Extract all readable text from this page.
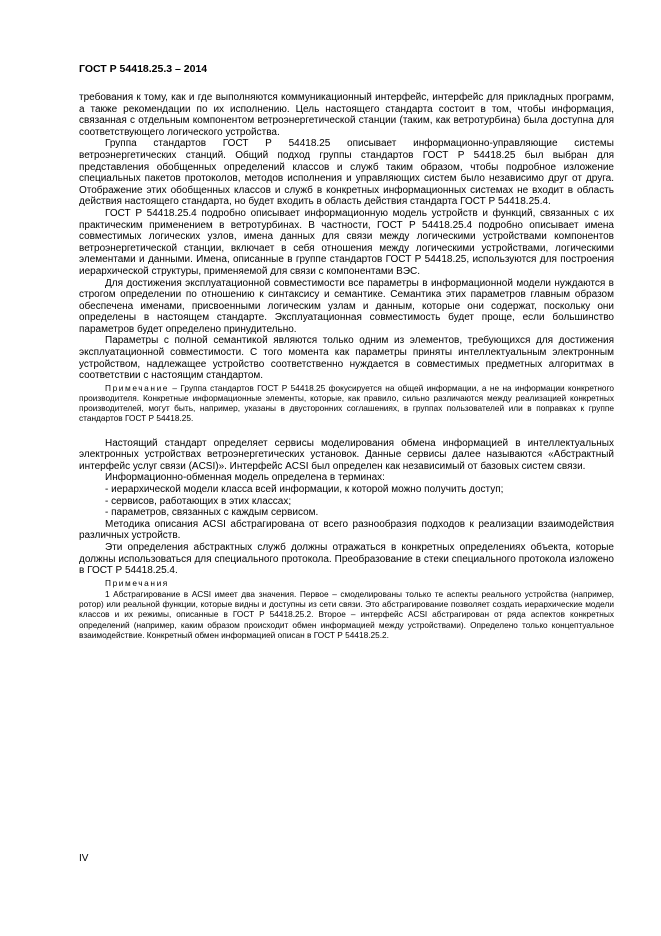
ГОСТ Р 54418.25.3 – 2014

требования к тому, как и где выполняются коммуникационный интерфейс, интерфейс для прикладных программ, а также рекомендации по их исполнению. Цель настоящего стандарта состоит в том, чтобы информация, связанная с отдельным компонентом ветроэнергетической станции (таким, как ветротурбина) была доступна для соответствующего логического устройства.

Группа стандартов ГОСТ Р 54418.25 описывает информационно-управляющие системы ветроэнергетических станций. Общий подход группы стандартов ГОСТ Р 54418.25 был выбран для представления обобщенных определений классов и служб таким образом, чтобы подробное изложение специальных пакетов протоколов, методов исполнения и управляющих систем было независимо друг от друга. Отображение этих обобщенных классов и служб в конкретных информационных системах не входит в область действия настоящего стандарта, но будет входить в область действия стандарта ГОСТ Р 54418.25.4.

ГОСТ Р 54418.25.4 подробно описывает информационную модель устройств и функций, связанных с их практическим применением в ветротурбинах. В частности, ГОСТ Р 54418.25.4 подробно описывает имена совместимых логических узлов, имена данных для связи между логическими устройствами компонентов ветроэнергетической станции, включает в себя отношения между логическими устройствами, логическими элементами и данными. Имена, описанные в группе стандартов ГОСТ Р 54418.25, используются для построения иерархической структуры, применяемой для связи с компонентами ВЭС.

Для достижения эксплуатационной совместимости все параметры в информационной модели нуждаются в строгом определении по отношению к синтаксису и семантике. Семантика этих параметров главным образом обеспечена именами, присвоенными логическим узлам и данным, которые они содержат, поскольку они определены в настоящем стандарте. Эксплуатационная совместимость будет проще, если большинство параметров будет определено принудительно.

Параметры с полной семантикой являются только одним из элементов, требующихся для достижения эксплуатационной совместимости. С того момента как параметры приняты интеллектуальным электронным устройством, надлежащее устройство соответственно нуждается в совместимых предметных алгоритмах в соответствии с настоящим стандартом.

Примечание – Группа стандартов ГОСТ Р 54418.25 фокусируется на общей информации, а не на информации конкретного производителя. Конкретные информационные элементы, которые, как правило, сильно различаются между реализацией конкретных производителей, могут быть, например, указаны в двусторонних соглашениях, в группах пользователей или в поправках к группе стандартов ГОСТ Р 54418.25.

Настоящий стандарт определяет сервисы моделирования обмена информацией в интеллектуальных электронных устройствах ветроэнергетических установок. Данные сервисы далее называются «Абстрактный интерфейс услуг связи (ACSI)». Интерфейс ACSI был определен как независимый от базовых систем связи.

Информационно-обменная модель определена в терминах:

- иерархической модели класса всей информации, к которой можно получить доступ;
- сервисов, работающих в этих классах;
- параметров, связанных с каждым сервисом.

Методика описания ACSI абстрагирована от всего разнообразия подходов к реализации взаимодействия различных устройств.

Эти определения абстрактных служб должны отражаться в конкретных определениях объекта, которые должны использоваться для специального протокола. Преобразование в стеки специального протокола изложено в ГОСТ Р 54418.25.4.

Примечания

1 Абстрагирование в ACSI имеет два значения. Первое – смоделированы только те аспекты реального устройства (например, ротор) или реальной функции, которые видны и доступны из сети связи. Это абстрагирование позволяет создать иерархические модели классов и их режимы, описанные в ГОСТ Р 54418.25.2. Второе – интерфейс ACSI абстрагирован от ряда аспектов конкретных определений (например, каким образом происходит обмен информацией между устройствами). Определено только концептуальное взаимодействие. Конкретный обмен информацией описан в ГОСТ Р 54418.25.2.

IV
